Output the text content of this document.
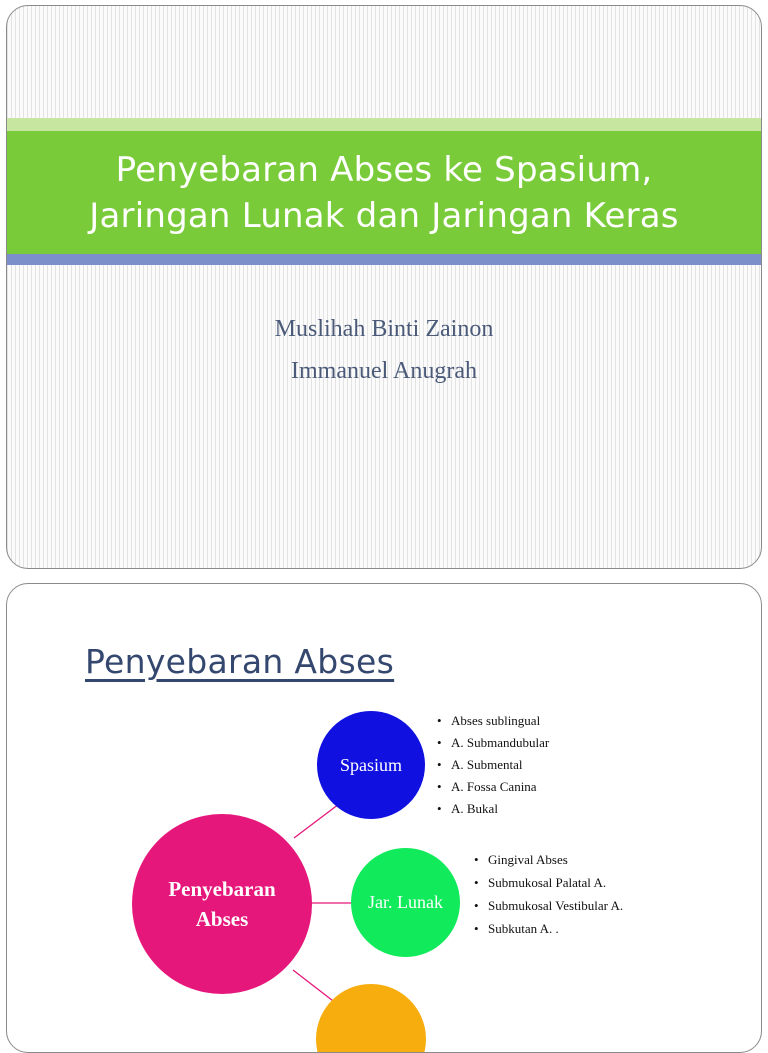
Penyebaran Abses ke Spasium,
Jaringan Lunak dan Jaringan Keras
Muslihah Binti Zainon
Immanuel Anugrah
Penyebaran Abses
Penyebaran
Abses
Spasium
Jar. Lunak
• Abses sublingual
• A. Submandubular
• A. Submental
• A. Fossa Canina
• A. Bukal
• Gingival Abses
• Submukosal Palatal A.
• Submukosal Vestibular A.
• Subkutan A. .
